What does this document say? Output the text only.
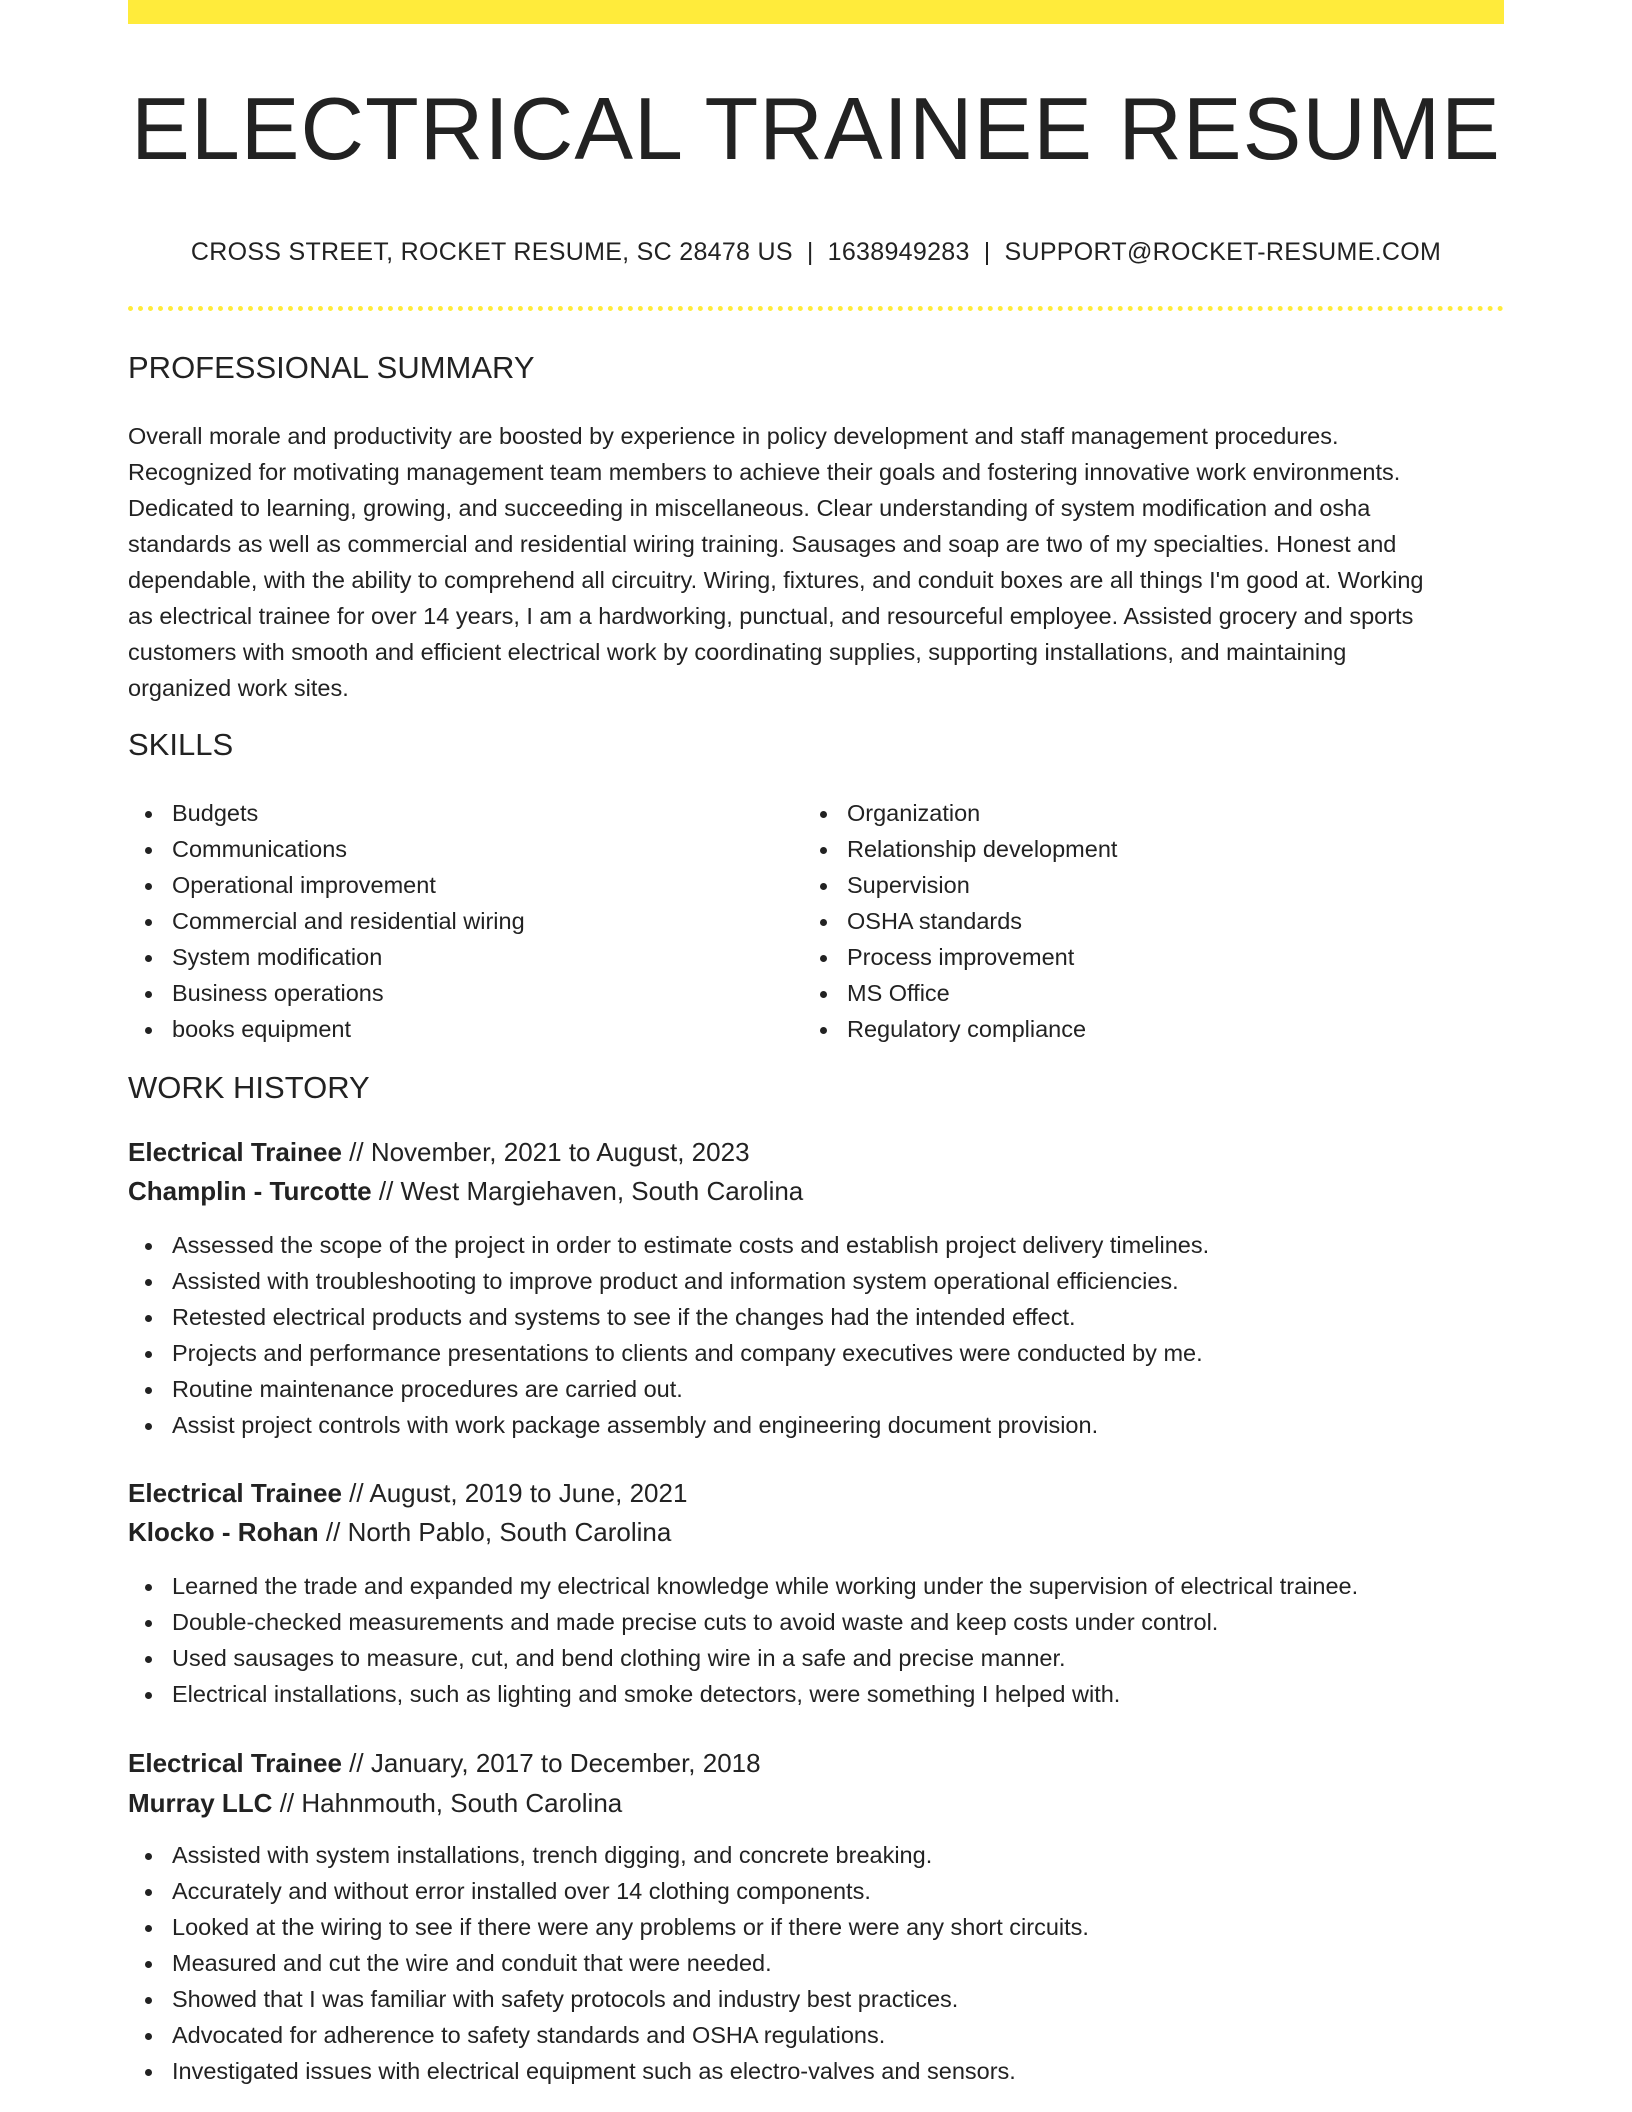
ELECTRICAL TRAINEE RESUME
CROSS STREET, ROCKET RESUME, SC 28478 US | 1638949283 | SUPPORT@ROCKET-RESUME.COM
PROFESSIONAL SUMMARY
Overall morale and productivity are boosted by experience in policy development and staff management procedures.
Recognized for motivating management team members to achieve their goals and fostering innovative work environments.
Dedicated to learning, growing, and succeeding in miscellaneous. Clear understanding of system modification and osha
standards as well as commercial and residential wiring training. Sausages and soap are two of my specialties. Honest and
dependable, with the ability to comprehend all circuitry. Wiring, fixtures, and conduit boxes are all things I'm good at. Working
as electrical trainee for over 14 years, I am a hardworking, punctual, and resourceful employee. Assisted grocery and sports
customers with smooth and efficient electrical work by coordinating supplies, supporting installations, and maintaining
organized work sites.
SKILLS
Budgets
Communications
Operational improvement
Commercial and residential wiring
System modification
Business operations
books equipment
Organization
Relationship development
Supervision
OSHA standards
Process improvement
MS Office
Regulatory compliance
WORK HISTORY
Electrical Trainee // November, 2021 to August, 2023
Champlin - Turcotte // West Margiehaven, South Carolina
Assessed the scope of the project in order to estimate costs and establish project delivery timelines.
Assisted with troubleshooting to improve product and information system operational efficiencies.
Retested electrical products and systems to see if the changes had the intended effect.
Projects and performance presentations to clients and company executives were conducted by me.
Routine maintenance procedures are carried out.
Assist project controls with work package assembly and engineering document provision.
Electrical Trainee // August, 2019 to June, 2021
Klocko - Rohan // North Pablo, South Carolina
Learned the trade and expanded my electrical knowledge while working under the supervision of electrical trainee.
Double-checked measurements and made precise cuts to avoid waste and keep costs under control.
Used sausages to measure, cut, and bend clothing wire in a safe and precise manner.
Electrical installations, such as lighting and smoke detectors, were something I helped with.
Electrical Trainee // January, 2017 to December, 2018
Murray LLC // Hahnmouth, South Carolina
Assisted with system installations, trench digging, and concrete breaking.
Accurately and without error installed over 14 clothing components.
Looked at the wiring to see if there were any problems or if there were any short circuits.
Measured and cut the wire and conduit that were needed.
Showed that I was familiar with safety protocols and industry best practices.
Advocated for adherence to safety standards and OSHA regulations.
Investigated issues with electrical equipment such as electro-valves and sensors.
